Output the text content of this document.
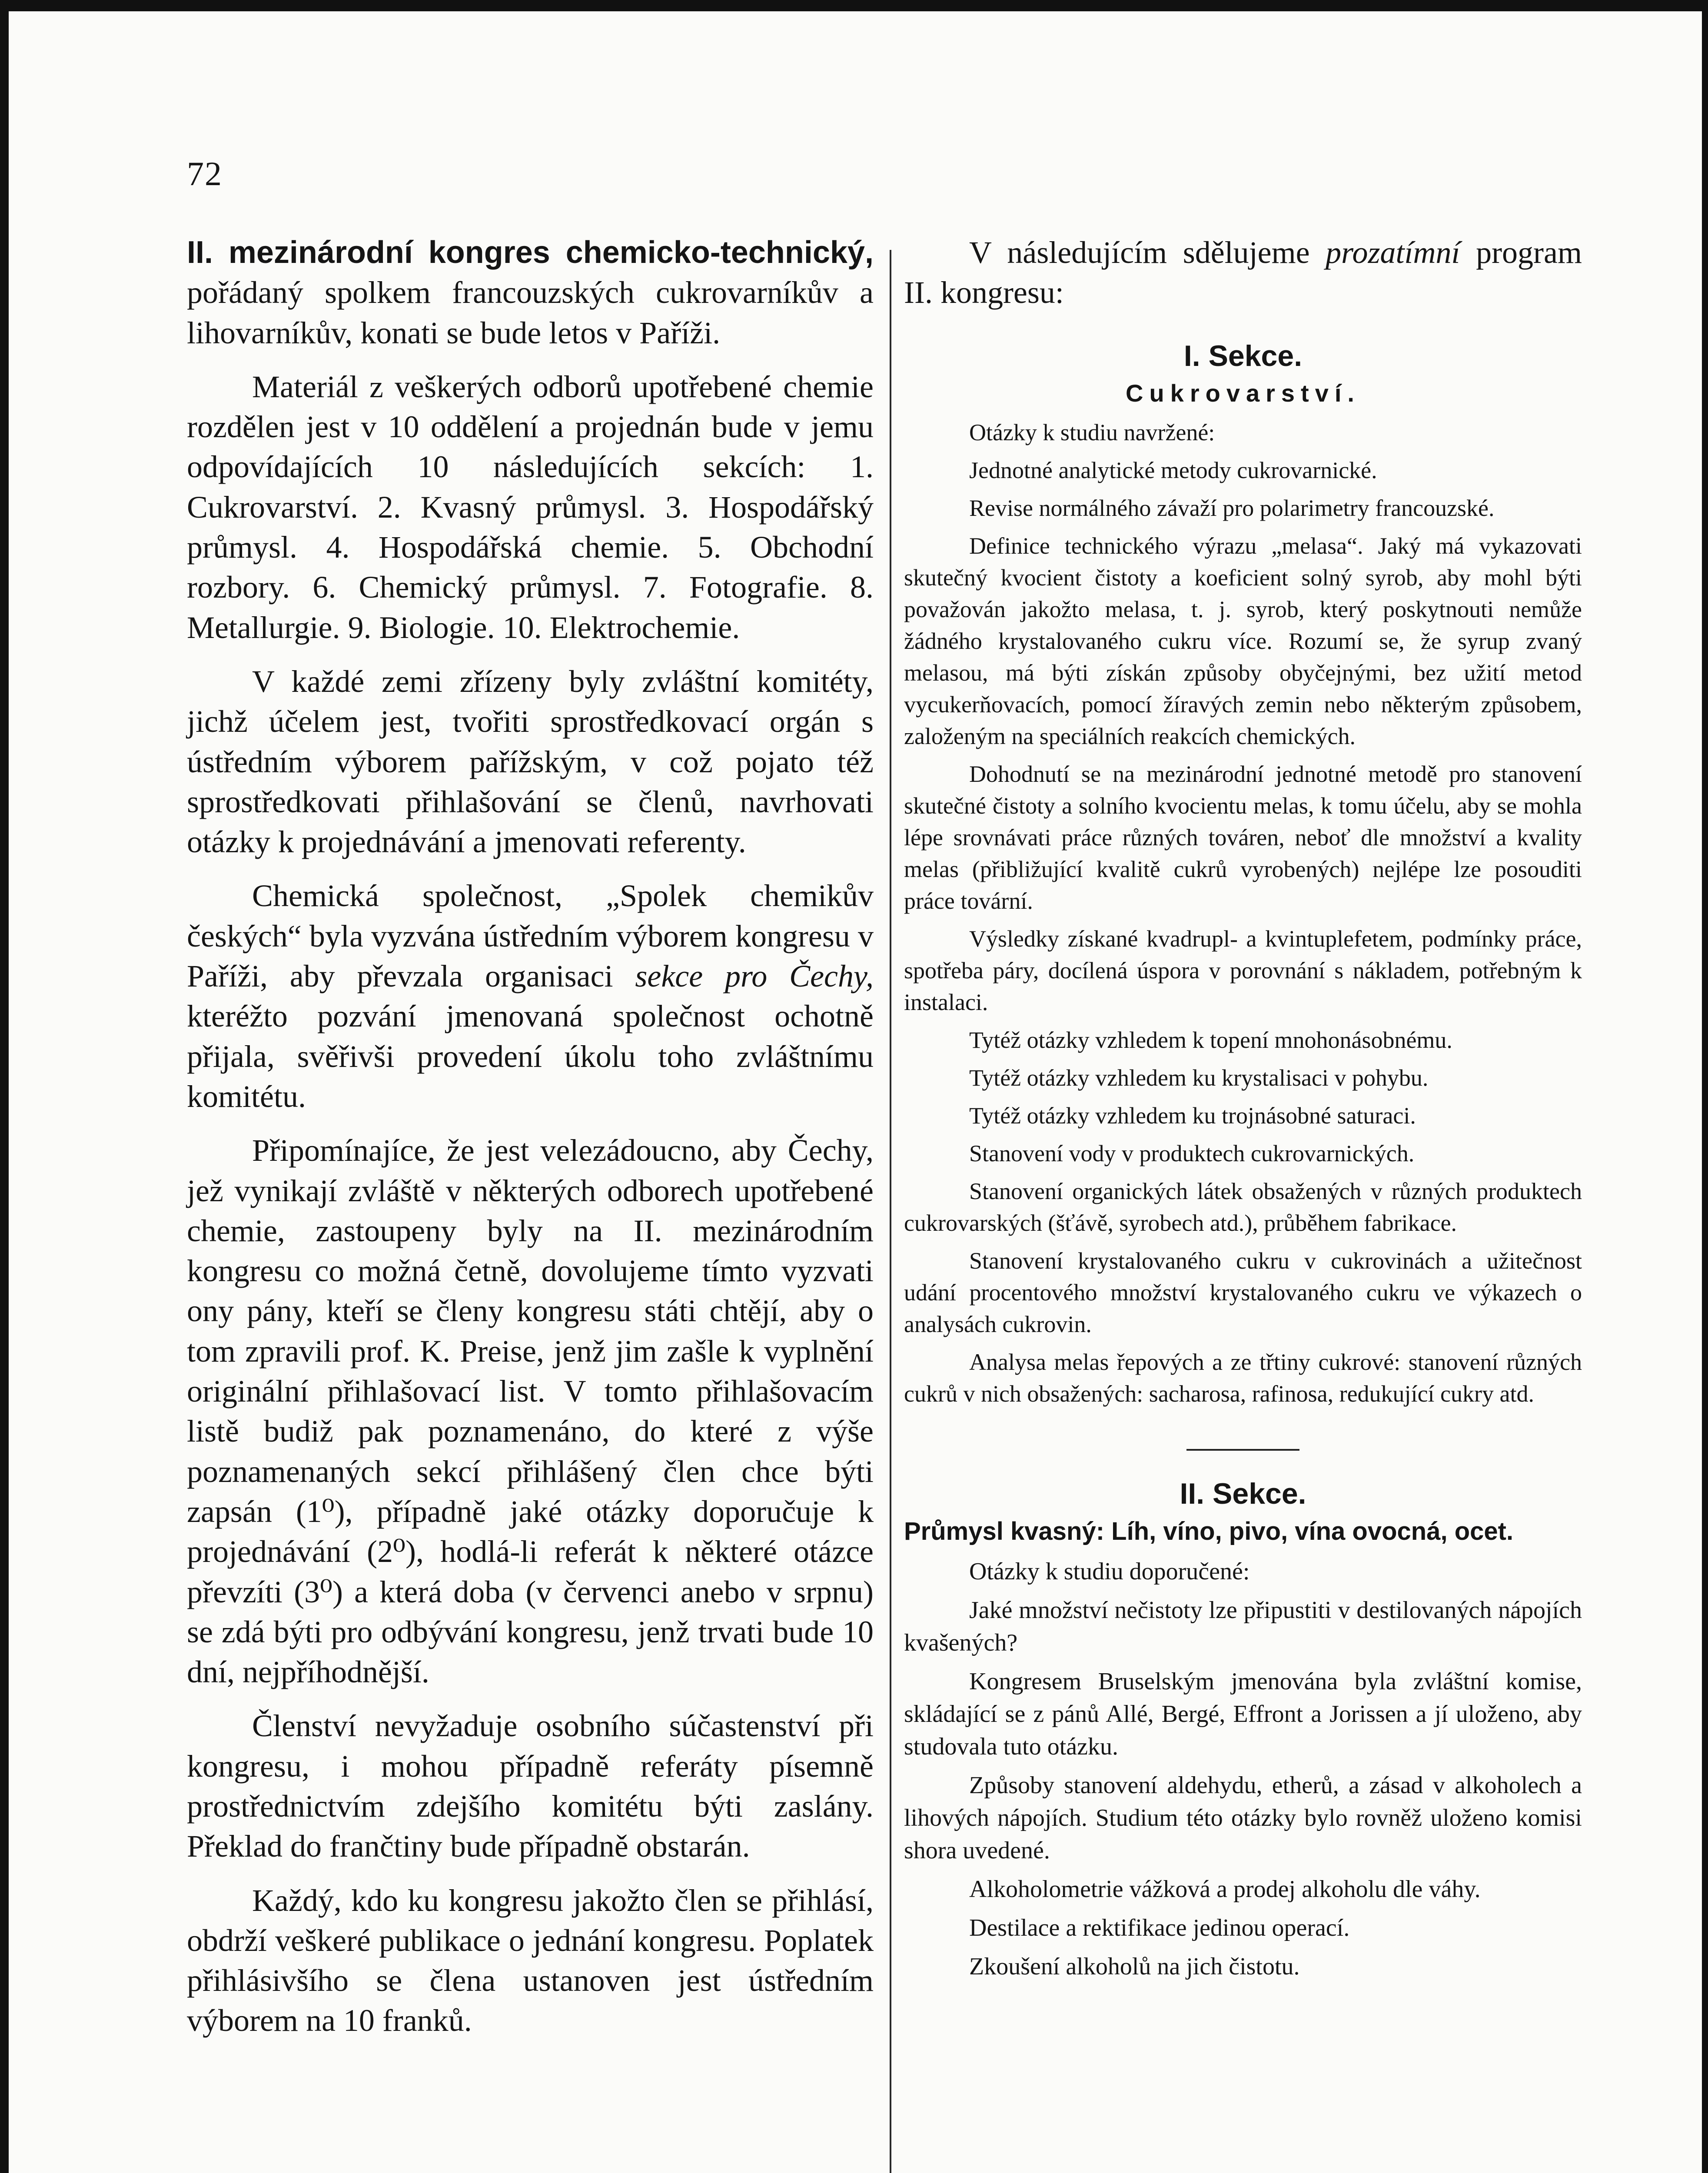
72

II. mezinárodní kongres chemicko-technický, pořádaný spolkem francouzských cukrovarníkův a lihovarníkův, konati se bude letos v Paříži.

Materiál z veškerých odborů upotřebené chemie rozdělen jest v 10 oddělení a projednán bude v jemu odpovídajících 10 následujících sekcích: 1. Cukrovarství. 2. Kvasný průmysl. 3. Hospodářský průmysl. 4. Hospodářská chemie. 5. Obchodní rozbory. 6. Chemický průmysl. 7. Fotografie. 8. Metallurgie. 9. Biologie. 10. Elektrochemie.

V každé zemi zřízeny byly zvláštní komitéty, jichž účelem jest, tvořiti sprostředkovací orgán s ústředním výborem pařížským, v což pojato též sprostředkovati přihlašování se členů, navrhovati otázky k projednávání a jmenovati referenty.

Chemická společnost, „Spolek chemikův českých“ byla vyzvána ústředním výborem kongresu v Paříži, aby převzala organisaci sekce pro Čechy, kteréžto pozvání jmenovaná společnost ochotně přijala, svěřivši provedení úkolu toho zvláštnímu komitétu.

Připomínajíce, že jest velezádoucno, aby Čechy, jež vynikají zvláště v některých odborech upotřebené chemie, zastoupeny byly na II. mezinárodním kongresu co možná četně, dovolujeme tímto vyzvati ony pány, kteří se členy kongresu státi chtějí, aby o tom zpravili prof. K. Preise, jenž jim zašle k vyplnění originální přihlašovací list. V tomto přihlašovacím listě budiž pak poznamenáno, do které z výše poznamenaných sekcí přihlášený člen chce býti zapsán (1⁰), případně jaké otázky doporučuje k projednávání (2⁰), hodlá-li referát k některé otázce převzíti (3⁰) a která doba (v červenci anebo v srpnu) se zdá býti pro odbývání kongresu, jenž trvati bude 10 dní, nejpříhodnější.

Členství nevyžaduje osobního súčastenství při kongresu, i mohou případně referáty písemně prostřednictvím zdejšího komitétu býti zaslány. Překlad do frančtiny bude případně obstarán.

Každý, kdo ku kongresu jakožto člen se přihlásí, obdrží veškeré publikace o jednání kongresu. Poplatek přihlásivšího se člena ustanoven jest ústředním výborem na 10 franků.

V následujícím sdělujeme prozatímní program II. kongresu:

I. Sekce.

Cukrovarství.

Otázky k studiu navržené:

Jednotné analytické metody cukrovarnické.

Revise normálného závaží pro polarimetry francouzské.

Definice technického výrazu „melasa“. Jaký má vykazovati skutečný kvocient čistoty a koeficient solný syrob, aby mohl býti považován jakožto melasa, t. j. syrob, který poskytnouti nemůže žádného krystalovaného cukru více. Rozumí se, že syrup zvaný melasou, má býti získán způsoby obyčejnými, bez užití metod vycukerňovacích, pomocí žíravých zemin nebo některým způsobem, založeným na speciálních reakcích chemických.

Dohodnutí se na mezinárodní jednotné metodě pro stanovení skutečné čistoty a solního kvocientu melas, k tomu účelu, aby se mohla lépe srovnávati práce různých továren, neboť dle množství a kvality melas (přibližující kvalitě cukrů vyrobených) nejlépe lze posouditi práce tovární.

Výsledky získané kvadrupl- a kvintuplefetem, podmínky práce, spotřeba páry, docílená úspora v porovnání s nákladem, potřebným k instalaci.

Tytéž otázky vzhledem k topení mnohonásobnému.

Tytéž otázky vzhledem ku krystalisaci v pohybu.

Tytéž otázky vzhledem ku trojnásobné saturaci.

Stanovení vody v produktech cukrovarnických.

Stanovení organických látek obsažených v různých produktech cukrovarských (šťávě, syrobech atd.), průběhem fabrikace.

Stanovení krystalovaného cukru v cukrovinách a užitečnost udání procentového množství krystalovaného cukru ve výkazech o analysách cukrovin.

Analysa melas řepových a ze třtiny cukrové: stanovení různých cukrů v nich obsažených: sacharosa, rafinosa, redukující cukry atd.

II. Sekce.

Průmysl kvasný: Líh, víno, pivo, vína ovocná, ocet.

Otázky k studiu doporučené:

Jaké množství nečistoty lze připustiti v destilovaných nápojích kvašených?

Kongresem Bruselským jmenována byla zvláštní komise, skládající se z pánů Allé, Bergé, Effront a Jorissen a jí uloženo, aby studovala tuto otázku.

Způsoby stanovení aldehydu, etherů, a zásad v alkoholech a lihových nápojích. Studium této otázky bylo rovněž uloženo komisi shora uvedené.

Alkoholometrie vážková a prodej alkoholu dle váhy.

Destilace a rektifikace jedinou operací.

Zkoušení alkoholů na jich čistotu.
